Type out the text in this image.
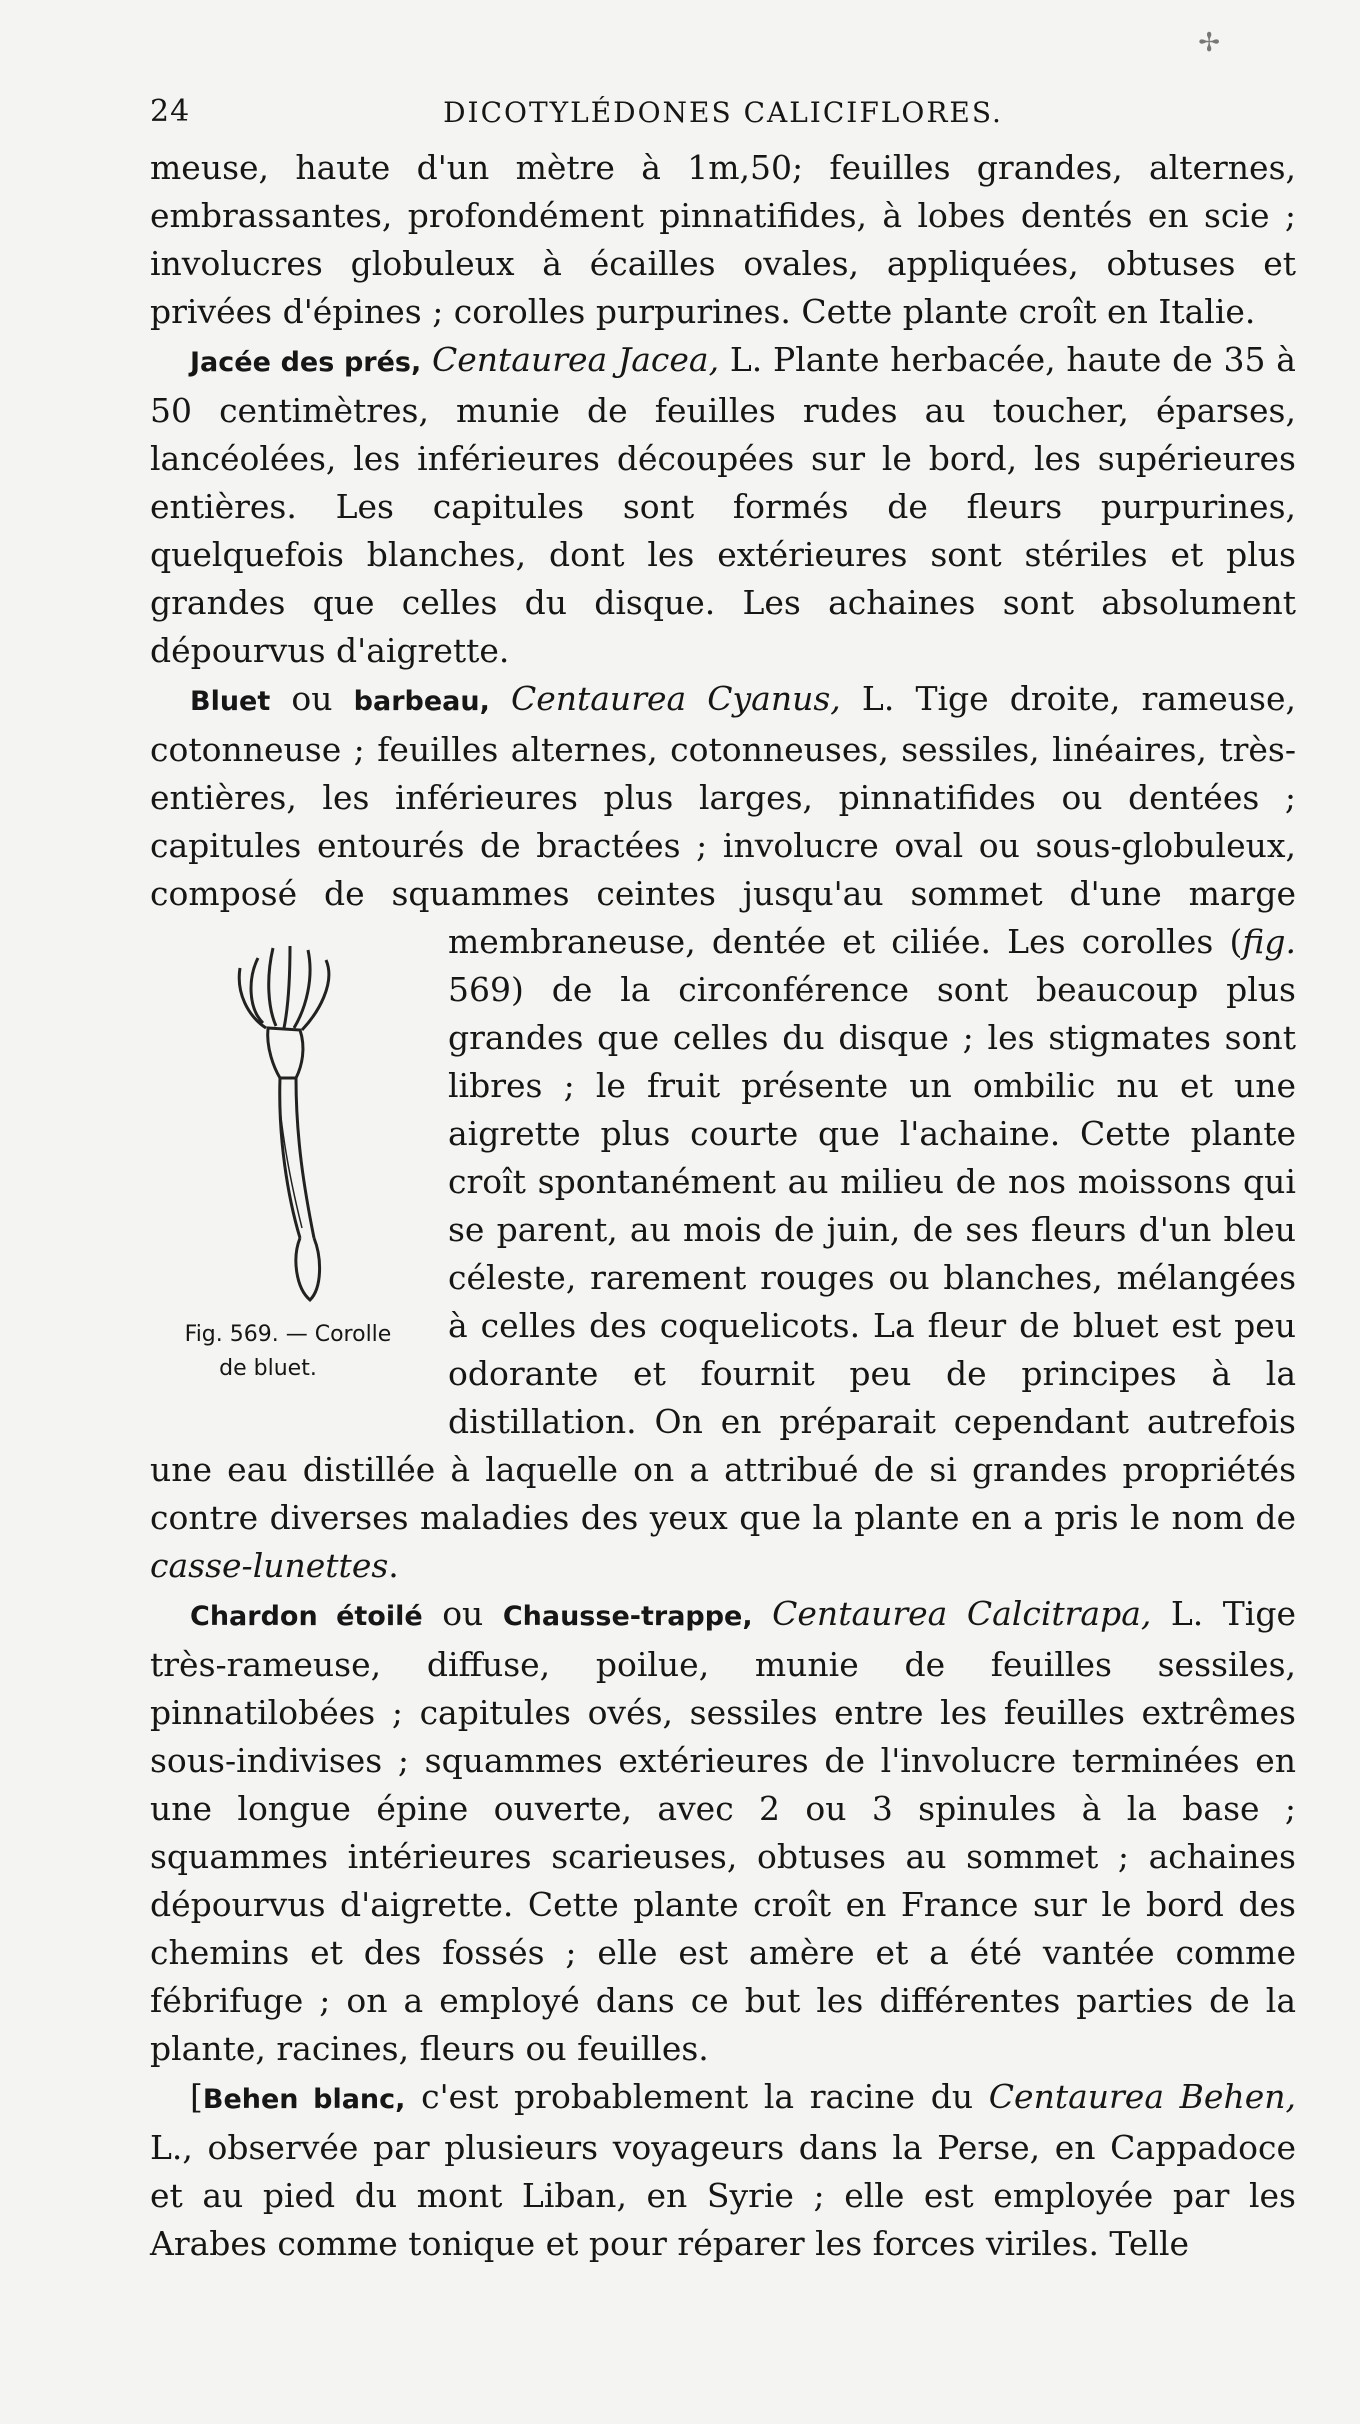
✢
24	DICOTYLÉDONES CALICIFLORES.

meuse, haute d'un mètre à 1m,50; feuilles grandes, alternes, embrassantes, profondément pinnatifides, à lobes dentés en scie ; involucres globuleux à écailles ovales, appliquées, obtuses et privées d'épines ; corolles purpurines. Cette plante croît en Italie.

Jacée des prés, Centaurea Jacea, L. Plante herbacée, haute de 35 à 50 centimètres, munie de feuilles rudes au toucher, éparses, lancéolées, les inférieures découpées sur le bord, les supérieures entières. Les capitules sont formés de fleurs purpurines, quelquefois blanches, dont les extérieures sont stériles et plus grandes que celles du disque. Les achaines sont absolument dépourvus d'aigrette.

Bluet ou barbeau, Centaurea Cyanus, L. Tige droite, rameuse, cotonneuse ; feuilles alternes, cotonneuses, sessiles, linéaires, très-entières, les inférieures plus larges, pinnatifides ou dentées ; capitules entourés de bractées ; involucre oval ou sous-globuleux, composé de squammes ceintes jusqu'au sommet d'une
Fig. 569. — Corolle de bluet.
marge membraneuse, dentée et ciliée. Les corolles (fig. 569) de la circonférence sont beaucoup plus grandes que celles du disque ; les stigmates sont libres ; le fruit présente un ombilic nu et une aigrette plus courte que l'achaine. Cette plante croît spontanément au milieu de nos moissons qui se parent, au mois de juin, de ses fleurs d'un bleu céleste, rarement rouges ou blanches, mélangées à celles des coquelicots. La fleur de bluet est peu odorante et fournit peu de principes à la distillation. On en préparait cependant autrefois une eau distillée à laquelle on a attribué de si grandes propriétés contre diverses maladies des yeux que la plante en a pris le nom de casse-lunettes.

Chardon étoilé ou Chausse-trappe, Centaurea Calcitrapa, L. Tige très-rameuse, diffuse, poilue, munie de feuilles sessiles, pinnatilobées ; capitules ovés, sessiles entre les feuilles extrêmes sous-indivises ; squammes extérieures de l'involucre terminées en une longue épine ouverte, avec 2 ou 3 spinules à la base ; squammes intérieures scarieuses, obtuses au sommet ; achaines dépourvus d'aigrette. Cette plante croît en France sur le bord des chemins et des fossés ; elle est amère et a été vantée comme fébrifuge ; on a employé dans ce but les différentes parties de la plante, racines, fleurs ou feuilles.

[Behen blanc, c'est probablement la racine du Centaurea Behen, L., observée par plusieurs voyageurs dans la Perse, en Cappadoce et au pied du mont Liban, en Syrie ; elle est employée par les Arabes comme tonique et pour réparer les forces viriles. Telle
